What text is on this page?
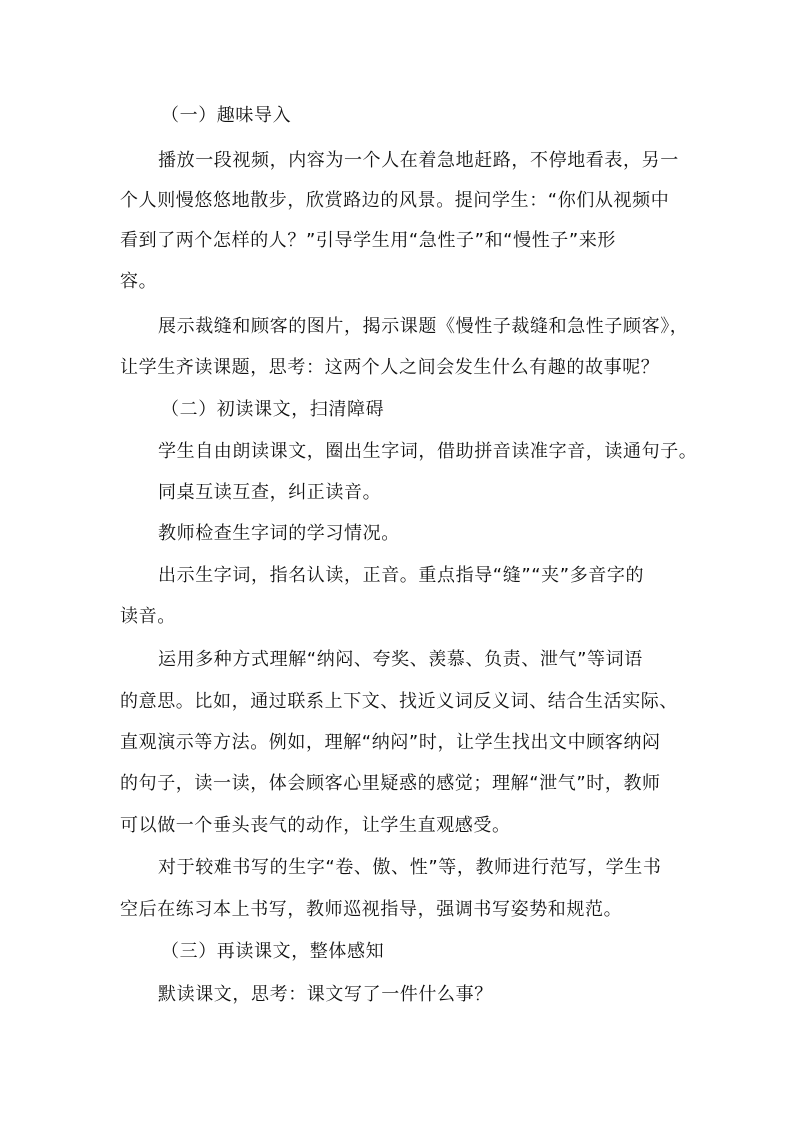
（一）趣味导入
播放一段视频，内容为一个人在着急地赶路，不停地看表，另一
个人则慢悠悠地散步，欣赏路边的风景。提问学生：“你们从视频中
看到了两个怎样的人？”引导学生用“急性子”和“慢性子”来形
容。
展示裁缝和顾客的图片，揭示课题《慢性子裁缝和急性子顾客》，
让学生齐读课题，思考：这两个人之间会发生什么有趣的故事呢？
（二）初读课文，扫清障碍
学生自由朗读课文，圈出生字词，借助拼音读准字音，读通句子。
同桌互读互查，纠正读音。
教师检查生字词的学习情况。
出示生字词，指名认读，正音。重点指导“缝”“夹”多音字的
读音。
运用多种方式理解“纳闷、夸奖、羡慕、负责、泄气”等词语
的意思。比如，通过联系上下文、找近义词反义词、结合生活实际、
直观演示等方法。例如，理解“纳闷”时，让学生找出文中顾客纳闷
的句子，读一读，体会顾客心里疑惑的感觉；理解“泄气”时，教师
可以做一个垂头丧气的动作，让学生直观感受。
对于较难书写的生字“卷、傲、性”等，教师进行范写，学生书
空后在练习本上书写，教师巡视指导，强调书写姿势和规范。
（三）再读课文，整体感知
默读课文，思考：课文写了一件什么事？
